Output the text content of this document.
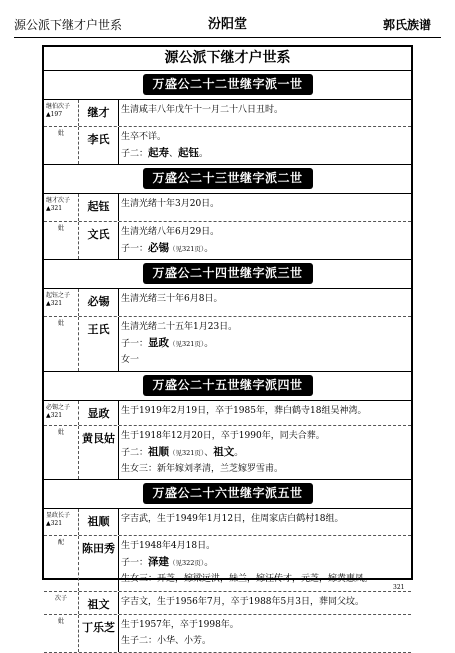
源公派下继才户世系	汾阳堂	郭氏族谱
源公派下继才户世系
万盛公二十二世继字派一世
继伯次子
▲197	继才	生清咸丰八年戊午十一月二十八日丑时。
妣	李氏	生卒不详。
子二：起寿、起钰。
万盛公二十三世继字派二世
继才次子
▲321	起钰	生清光绪十年3月20日。
妣	文氏	生清光绪八年6月29日。
子一：必锡（见321页）。
万盛公二十四世继字派三世
起钰之子
▲321	必锡	生清光绪三十年6月8日。
妣	王氏	生清光绪二十五年1月23日。
子一：显政（见321页）。
女一
万盛公二十五世继字派四世
必锡之子
▲321	显政	生于1919年2月19日，卒于1985年，葬白鹤寺18组吴神湾。
妣	黄艮姑 生于1918年12月20日，卒于1990年，同夫合葬。
子二：祖顺（见321页）、祖文。
生女三：新年嫁刘孝清，兰芝嫁罗雪甫。
万盛公二十六世继字派五世
显政长子
▲321	祖顺	字吉武，生于1949年1月12日，住周家店白鹤村18组。
配	陈田秀 生于1948年4月18日。
子一：泽建（见322页）。
生女三：开芝，嫁梁远洪，妹兰，嫁汪传才，元芝，嫁黄惠凤。
次子	祖文	字吉文，生于1956年7月，卒于1988年5月3日，葬同父坟。
妣	丁乐芝 生于1957年，卒于1998年。
生子二：小华、小芳。
321
